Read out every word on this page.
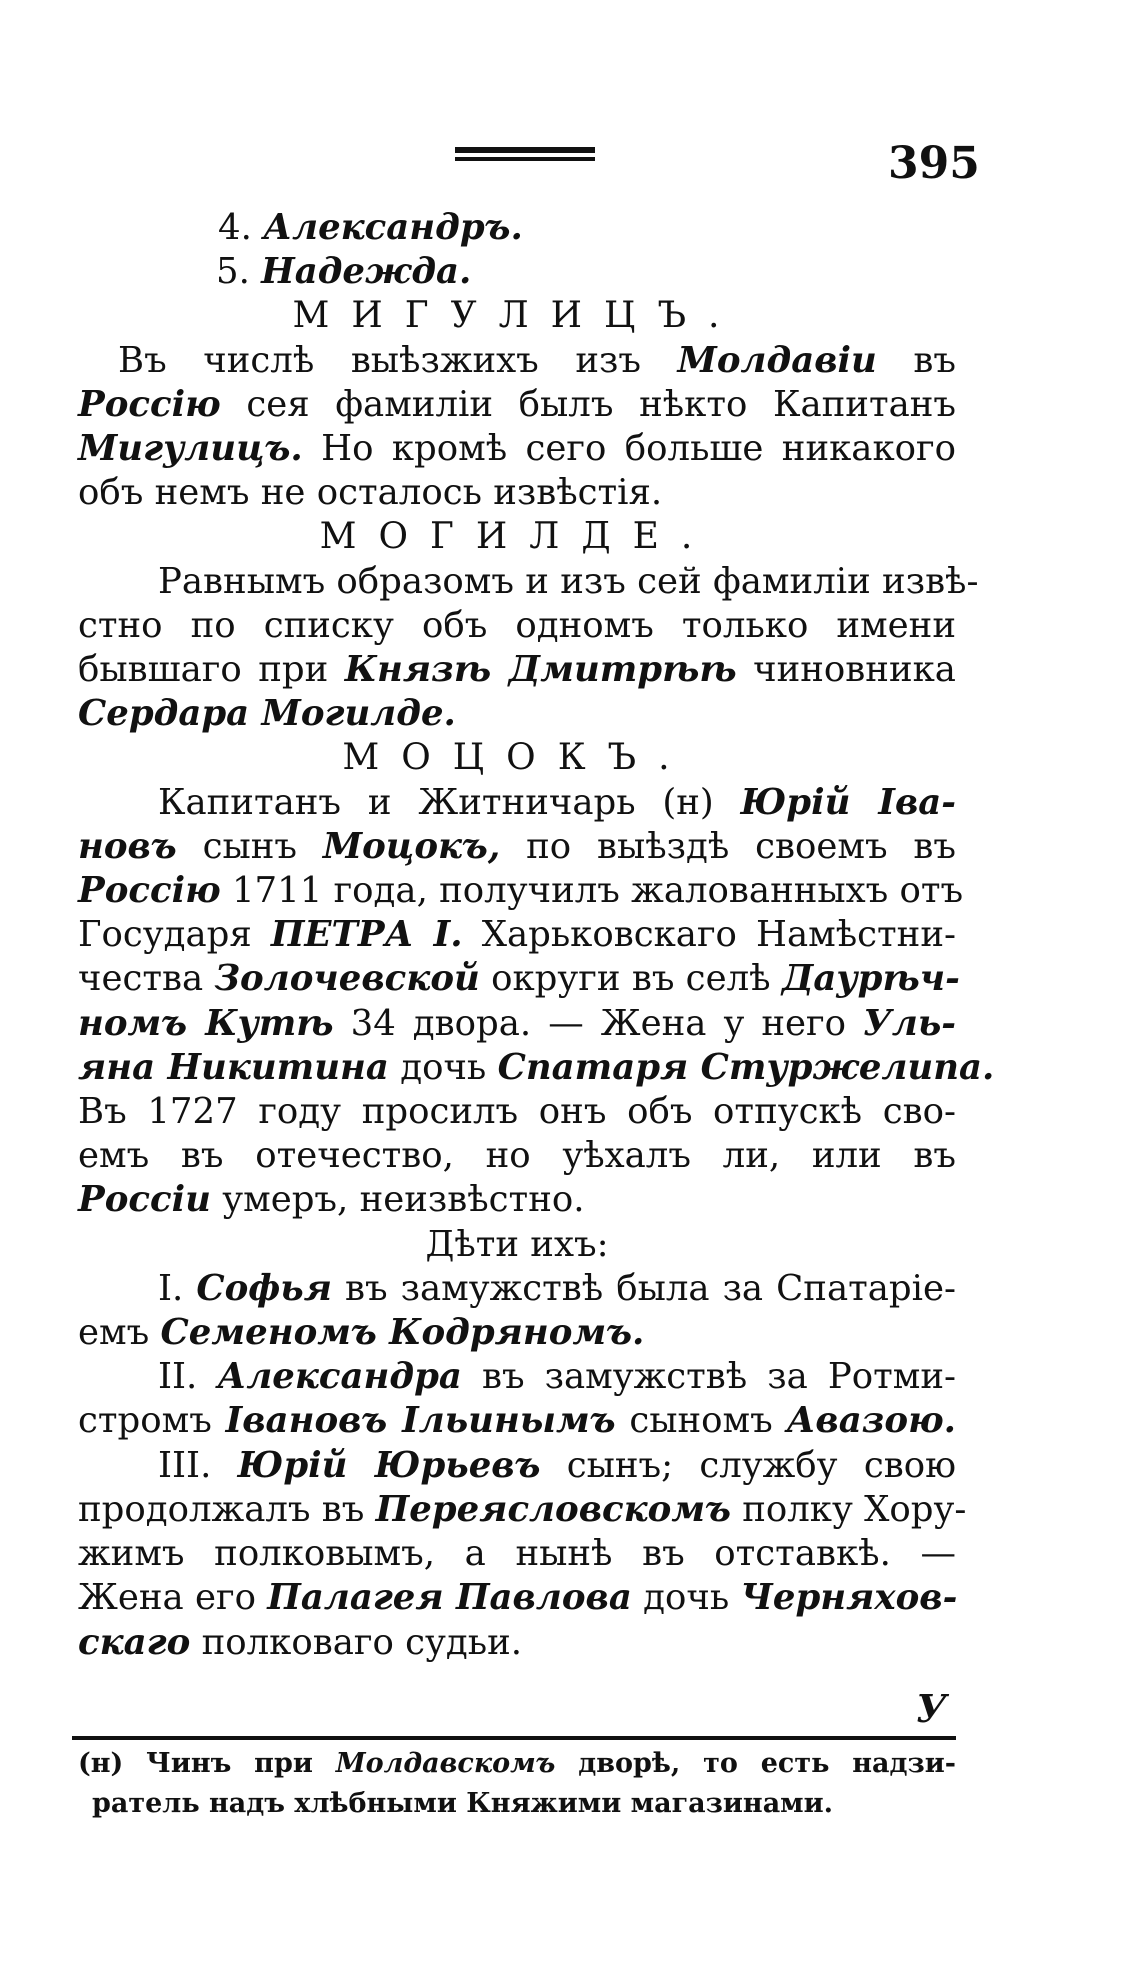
395
4. Александръ.
5. Надежда.
МИГУЛИЦЪ.
Въ числѣ выѣзжихъ изъ Молдавіи въ
Россію сея фамиліи былъ нѣкто Капитанъ
Мигулицъ. Но кромѣ сего больше никакого
объ немъ не осталось извѣстія.
МОГИЛДЕ.
Равнымъ образомъ и изъ сей фамиліи извѣ-
стно по списку объ одномъ только имени
бывшаго при Князѣ Дмитрѣѣ чиновника
Сердара Могилде.
МОЦОКЪ.
Капитанъ и Житничарь (н) Юрій Іва-
новъ сынъ Моцокъ, по выѣздѣ своемъ въ
Россію 1711 года, получилъ жалованныхъ отъ
Государя ПЕТРА I. Харьковскаго Намѣстни-
чества Золочевской округи въ селѣ Даурѣч-
номъ Кутѣ 34 двора. — Жена у него Уль-
яна Никитина дочь Спатаря Стуржелипа.
Въ 1727 году просилъ онъ объ отпускѣ сво-
емъ въ отечество, но уѣхалъ ли, или въ
Россіи умеръ, неизвѣстно.
Дѣти ихъ:
I. Софья въ замужствѣ была за Спатаріе-
емъ Семеномъ Кодряномъ.
II. Александра въ замужствѣ за Ротми-
стромъ Івановъ Ільинымъ сыномъ Авазою.
III. Юрій Юрьевъ сынъ; службу свою
продолжалъ въ Переясловскомъ полку Хору-
жимъ полковымъ, а нынѣ въ отставкѣ. —
Жена его Палагея Павлова дочь Черняхов-
скаго полковаго судьи.
У
(н) Чинъ при Молдавскомъ дворѣ, то есть надзи-
ратель надъ хлѣбными Княжими магазинами.
